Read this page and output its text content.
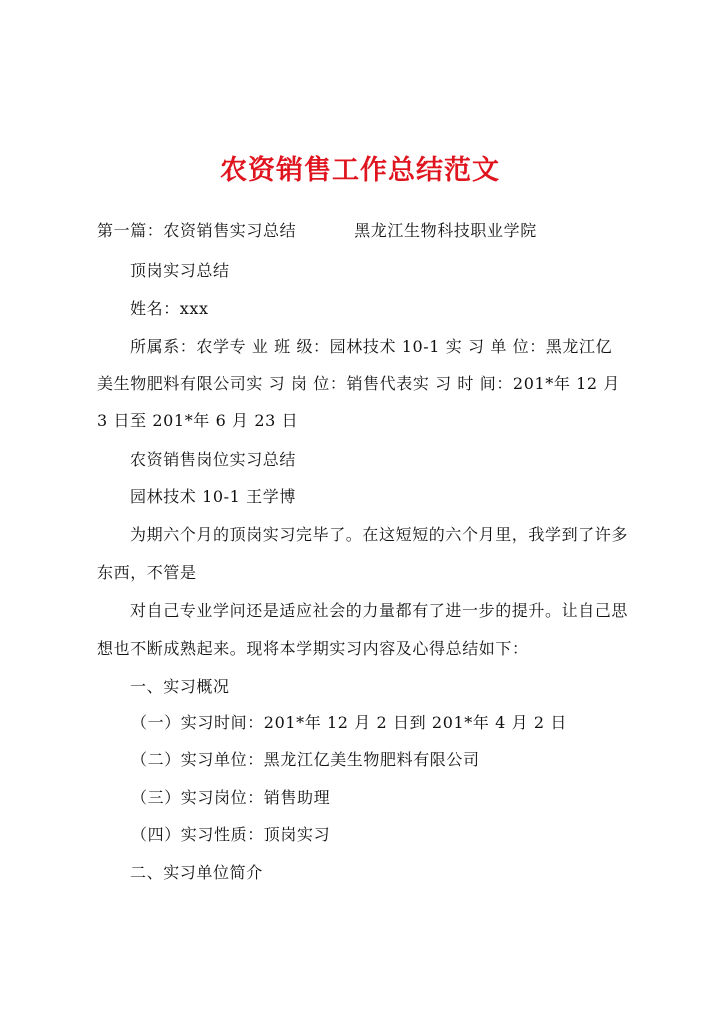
农资销售工作总结范文
第一篇：农资销售实习总结	黑龙江生物科技职业学院
顶岗实习总结
姓名：xxx
所属系：农学专 业 班 级：园林技术 10-1 实 习 单 位：黑龙江亿
美生物肥料有限公司实 习 岗 位：销售代表实 习 时 间：201*年 12 月
3 日至 201*年 6 月 23 日
农资销售岗位实习总结
园林技术 10-1 王学博
为期六个月的顶岗实习完毕了。在这短短的六个月里，我学到了许多
东西，不管是
对自己专业学问还是适应社会的力量都有了进一步的提升。让自己思
想也不断成熟起来。现将本学期实习内容及心得总结如下：
一、实习概况
（一）实习时间：201*年 12 月 2 日到 201*年 4 月 2 日
（二）实习单位：黑龙江亿美生物肥料有限公司
（三）实习岗位：销售助理
（四）实习性质：顶岗实习
二、实习单位简介
